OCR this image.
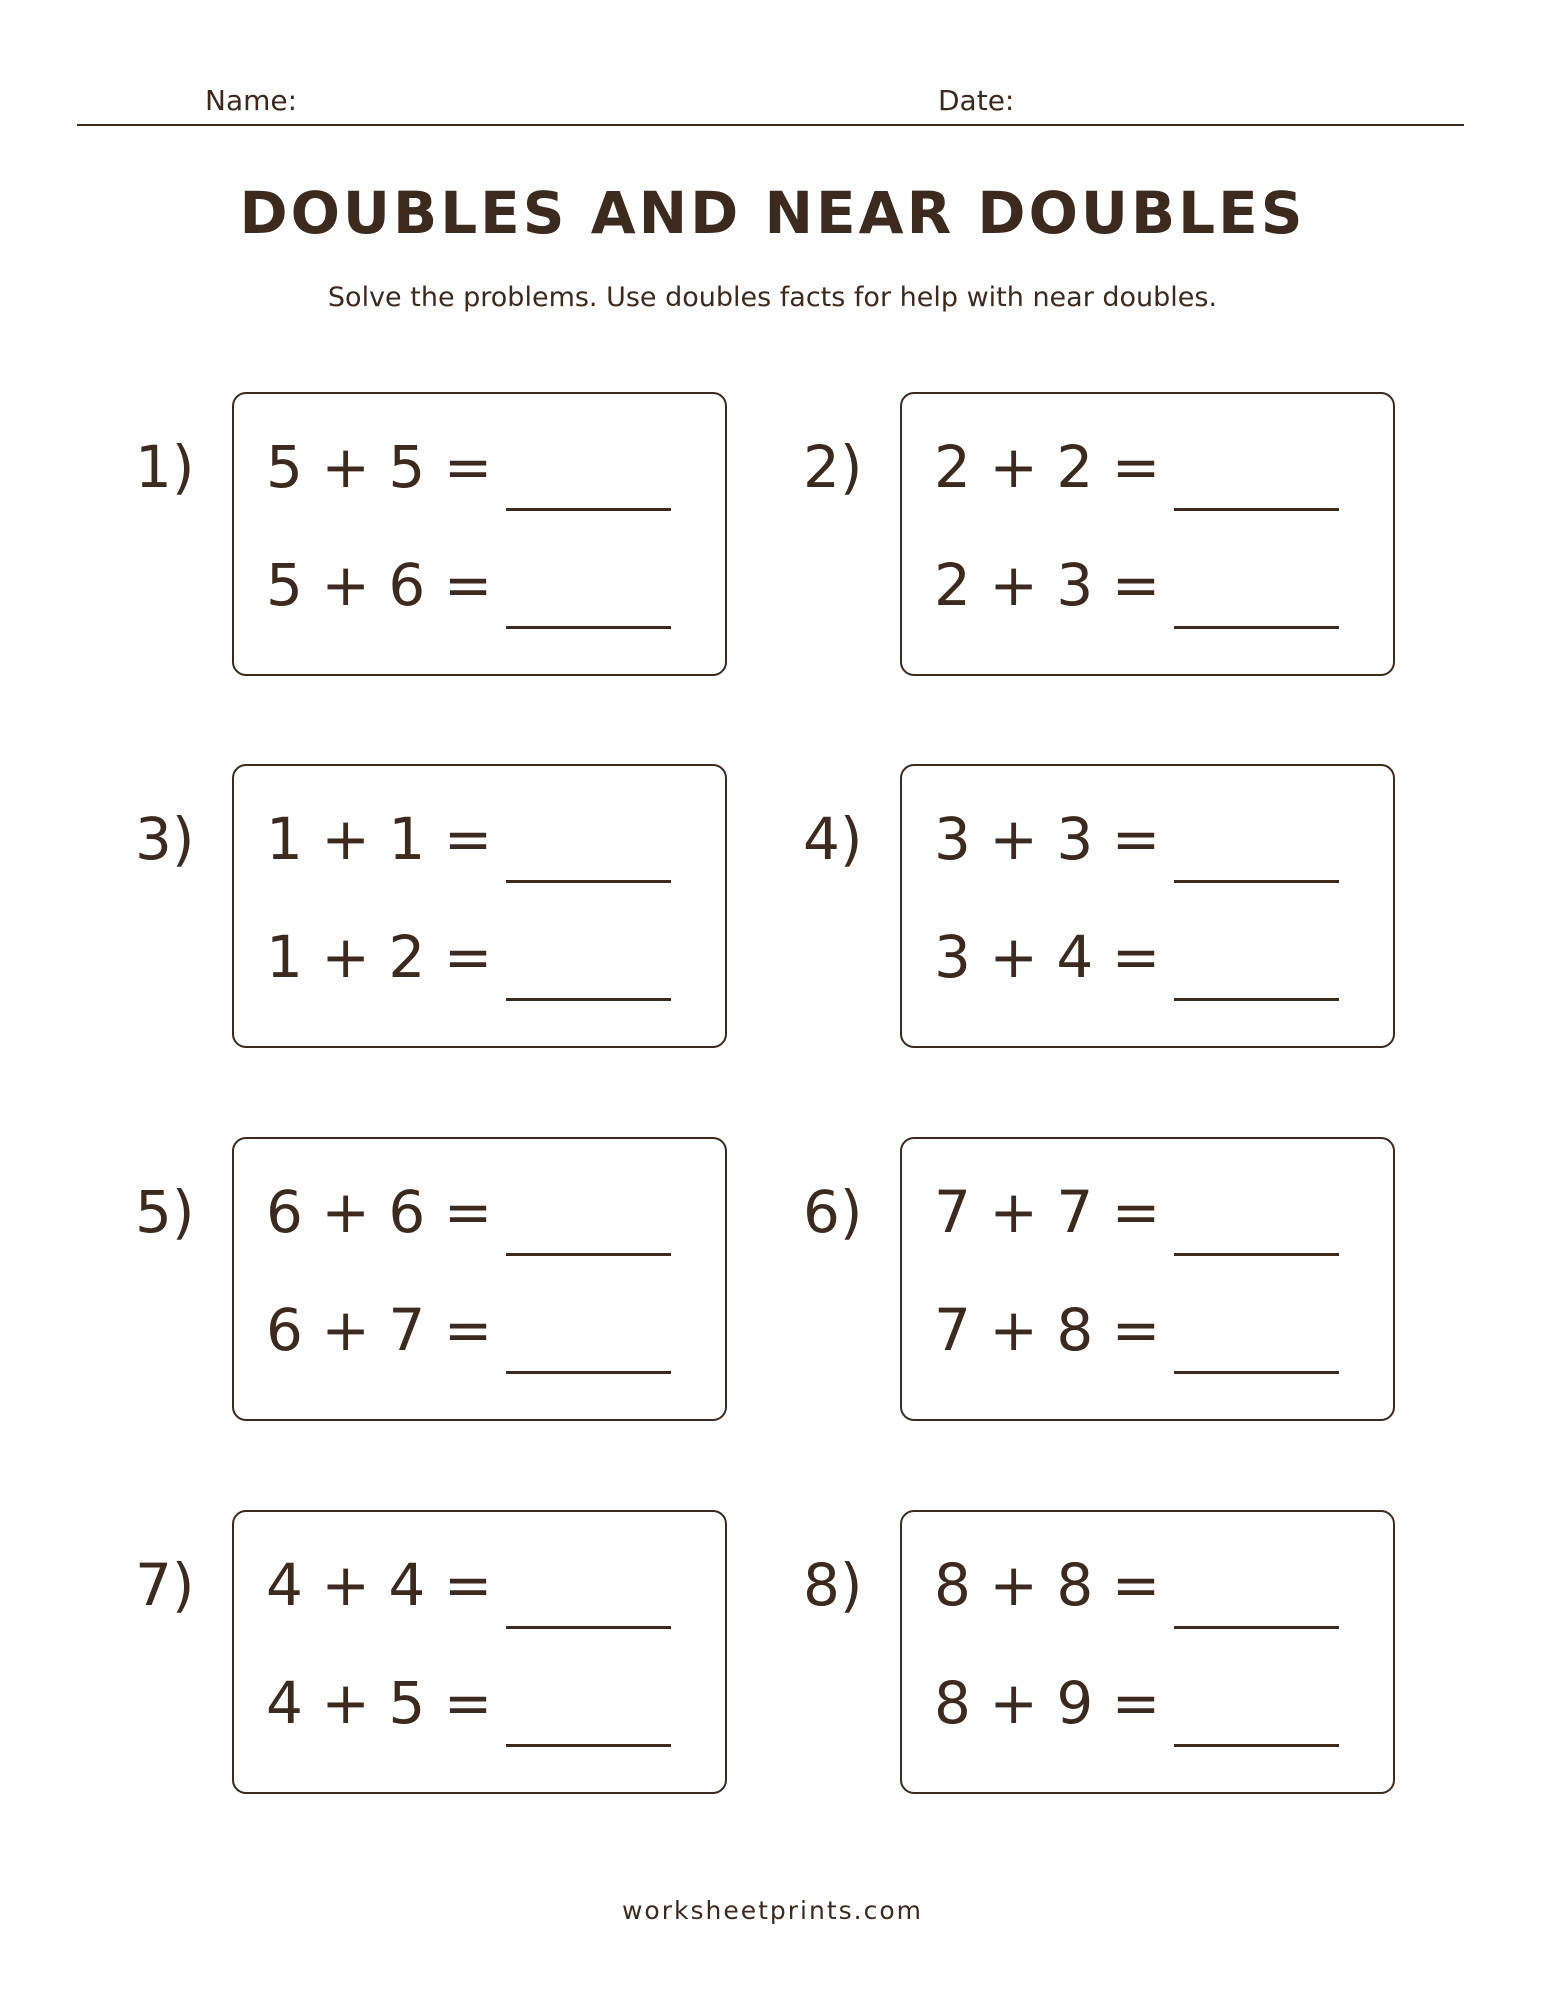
Name:	Date:
DOUBLES AND NEAR DOUBLES

Solve the problems. Use doubles facts for help with near doubles.

1) 5 + 5 =
5 + 6 =
2) 2 + 2 =
2 + 3 =
3) 1 + 1 =
1 + 2 =
4) 3 + 3 =
3 + 4 =
5) 6 + 6 =
6 + 7 =
6) 7 + 7 =
7 + 8 =
7) 4 + 4 =
4 + 5 =
8) 8 + 8 =
8 + 9 =
worksheetprints.com
